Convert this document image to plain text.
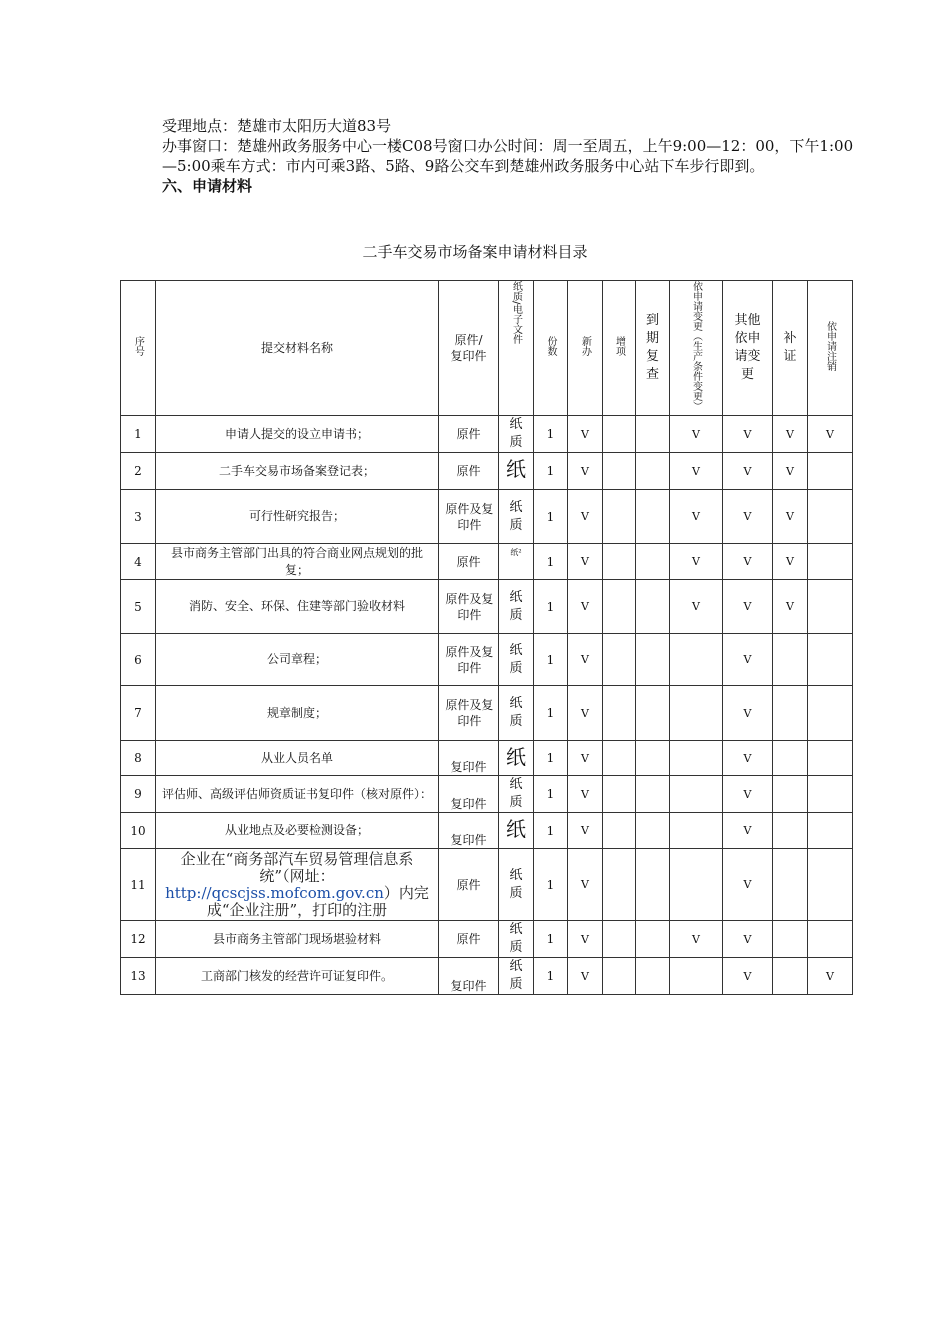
受理地点：楚雄市太阳历大道83号

办事窗口：楚雄州政务服务中心一楼C08号窗口办公时间：周一至周五，上午9:00—12：00，下午1:00—5:00乘车方式：市内可乘3路、5路、9路公交车到楚雄州政务服务中心站下车步行即到。

六、申请材料

二手车交易市场备案申请材料目录
序号	提交材料名称	原件/复印件	纸质/电子文件	份数	新办	增项	到期复查	依申请变更（生产条件变更）	其他依申请变更	补证	依申请注销
1	申请人提交的设立申请书；	原件	纸质	1	V			V	V	V	V
2	二手车交易市场备案登记表；	原件	纸	1	V			V	V	V	
3	可行性研究报告；	原件及复印件	纸质	1	V			V	V	V	
4	县市商务主管部门出具的符合商业网点规划的批复；	原件	纸²	1	V			V	V	V	
5	消防、安全、环保、住建等部门验收材料	原件及复印件	纸质	1	V			V	V	V	
6	公司章程；	原件及复印件	纸质	1	V				V		
7	规章制度；	原件及复印件	纸质	1	V				V		
8	从业人员名单	复印件	纸	1	V				V		
9	评估师、高级评估师资质证书复印件（核对原件）：	复印件	纸质	1	V				V		
10	从业地点及必要检测设备；	复印件	纸	1	V				V		
11	企业在“商务部汽车贸易管理信息系统”（网址：
http://qcscjss.mofcom.gov.cn）内完成“企业注册”，打印的注册	原件	纸质	1	V				V		
12	县市商务主管部门现场堪验材料	原件	纸质	1	V			V	V		
13	工商部门核发的经营许可证复印件。	复印件	纸质	1	V				V		V
